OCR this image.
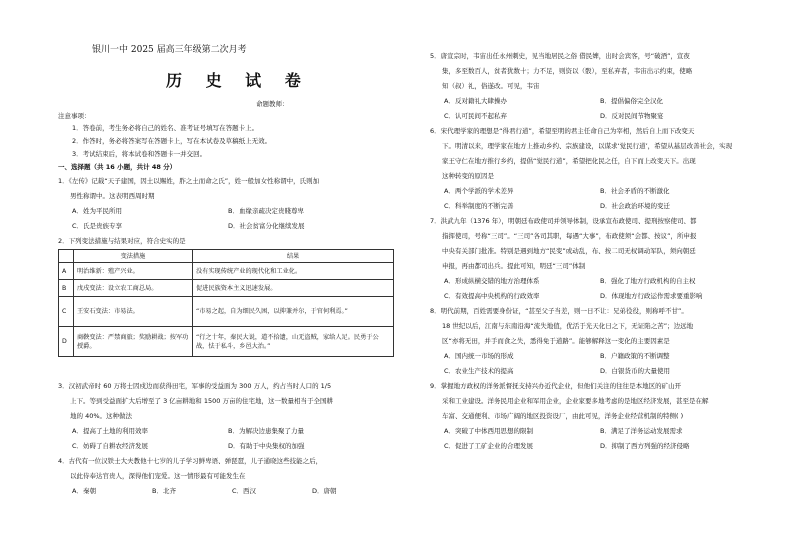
银川一中 2025 届高三年级第二次月考
历 史 试 卷
命题教师：
注意事项：
1．答卷前，考生务必将自己的姓名、准考证号填写在答题卡上。
2．作答时，务必将答案写在答题卡上，写在本试卷及草稿纸上无效。
3．考试结束后，将本试卷和答题卡一并交回。
一、选择题（共 16 小题，共计 48 分）
1．《左传》记载“天子建国，因土以赐姓，胙之土而命之氏”，姓一般加女性称谓中，氏则加
男性称谓中。这表明西周时期
A．姓为平民所用	B．血缘亲疏决定贵賤尊卑
C．氏是贵族专享	D．社会贫富分化继续发展
2．下列变法措施与结果对应，符合史实的是
	变法措施	结果
A	明治维新：殖产兴业。	没有实现传统产业的现代化和工业化。
B	戊戌变法：设立农工商总局。	促进民族资本主义迅速发展。
C	王安石变法：市易法。	“市易之起，自为细民久困，以抑兼并尔，于官何利焉。”
D	商鞅变法：严禁商旅；奖励耕战；按军功授爵。	“行之十年，秦民大说，道不拾遗，山无盗贼，家给人足。民勇于公战，怯于私斗，乡邑大治。”
3．汉初武帝时 60 万将士因戍边而获得田宅，军事的受益面为 300 万人，约占当时人口的 1/5
上下。等到受益面扩大后增至了 3 亿亩耕地和 1500 万亩的住宅地，这一数量相当于全国耕
地的 40%。这种做法
A．提高了土地的利用效率	B．为解决边患集聚了力量
C．妨碍了自耕农经济发展	D．有助于中央集权的加强
4．古代有一位汉铁士大夫教他十七岁的儿子学习鲜卑语、弹琵琶，儿子通晓这些技能之后，
以此侍奉达官贵人，深得他们宠爱。这一情形最有可能发生在
A．秦朝	B．北齐	C．西汉	D．唐朝
5．唐宣宗时，韦宙出任永州刺史，见当地居民之俗 借民婢，出时会宾客，号“破酒”，宣夜
集，多至数百人，贫者犹数十；力不足，则资以（骰），至私弃者，韦宙出示约束，使略
知（叔）礼，俗遂改。可见，韦宙
A．反对籍礼大肆操办	B．提倡偏俗完全汉化
C．认可民间不起私弃	D．反对民间节物聚宴
6．宋代理学家的理想是“得君行道”，希望至明的君主任命自己为宰相，然后自上而下改变天
下。明清以来，理学家在地方上推动乡约、宗族建设，以谋求‘觉民行道’，希望从基层改善社会，实现
家王守仁在地方推行乡约，提倡“觉民行道”，希望把化民之任，自下而上改变天下。出现
这种转变的原因是
A．两个学派的学术差异	B．社会矛盾的不断激化
C．科举制度的不断完善	D．社会政治环境的变迁
7．洪武九年（1376 年），明朝廷布政使司并领导体制，设承宣布政使司、提刑按察使司、都
指挥使司，号称“三司”。“三司”各司其职，每遇“大事”，布政使须“会都、按议”，所申报
中央有关部门批准。特别是遇到地方“民变”或动乱，布、按二司无权调动军队，须向朝廷
申报，再由都司出兵。提此可知，明廷“三司”体制
A．形成纵横交错的地方治理体系	B．强化了地方行政机构的自主权
C．有效提高中央机构的行政效率	D．体现地方行政运作需求要重影响
8．明代前期，百姓需要身份证，“甚至父子当差，则一日不让：兄弟役役，则称呼不甘”。
18 世纪以后，江南与东南沿海“流失地值，优活于光天化日之下，无证陷之苦”；边远地
区“亦将无田，并手而食之失，悉得免于道路”。能够解释这一变化的主要因素是
A．国内统一市场的形成	B．户籍政策的不断调整
C．农业生产技术的提高	D．白银货币的大量使用
9．掌握地方政权的洋务派督抚支持兴办近代企业，但他们关注的往往是本地区的矿山开
采和工业建设。洋务民用企业和军用企业，企业家要多地考虑的是地区经济发展，甚至是在解
车富、交通便利、市场广阔的地区投资设厂，由此可见，洋务企业经营机制的特侧( )
A．突破了中体西用思想的限制	B．满足了洋务运动发展需求
C．促进了工矿企业的合理发展	D．抑制了西方列强的经济侵略
